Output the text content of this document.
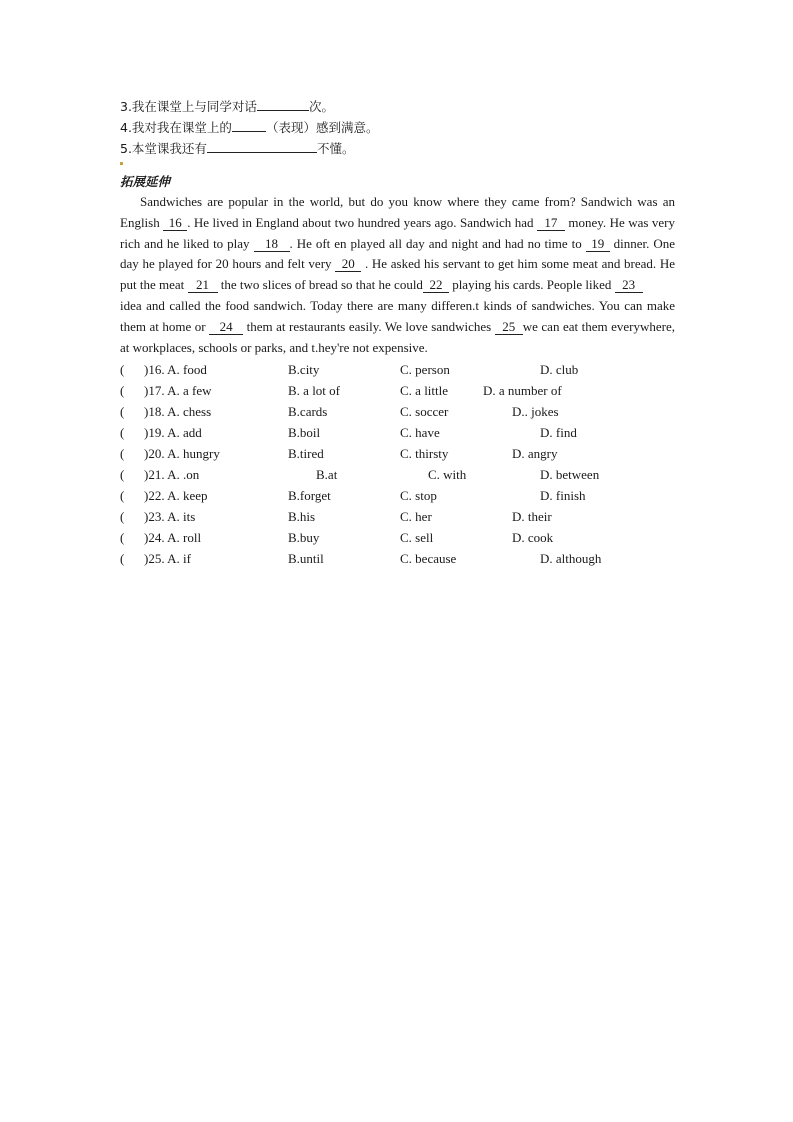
3.我在课堂上与同学对话	次。
4.我对我在课堂上的	（表现）感到满意。
5.本堂课我还有	不懂。
拓展延伸
Sandwiches are popular in the world, but do you know where they came from? Sandwich was an English 16 . He lived in England about two hundred years ago. Sandwich had 17 money. He was very rich and he liked to play 18 . He oft en played all day and night and had no time to 19 dinner. One day he played for 20 hours and felt very 20 . He asked his servant to get him some meat and bread. He put the meat 21 the two slices of bread so that he could 22 playing his cards. People liked 23
idea and called the food sandwich. Today there are many differen.t kinds of sandwiches. You can make them at home or 24 them at restaurants easily. We love sandwiches 25 we can eat them everywhere, at workplaces, schools or parks, and t.hey're not expensive.
( )16. A. food	B.city	C. person	D. club
( )17. A. a few	B. a lot of	C. a little	D. a number of
( )18. A. chess	B.cards	C. soccer	D.. jokes
( )19. A. add	B.boil	C. have	D. find
( )20. A. hungry	B.tired	C. thirsty	D. angry
( )21. A. .on	B.at	C. with	D. between
( )22. A. keep	B.forget	C. stop	D. finish
( )23. A. its	B.his	C. her	D. their
( )24. A. roll	B.buy	C. sell	D. cook
( )25. A. if	B.until	C. because	D. although
